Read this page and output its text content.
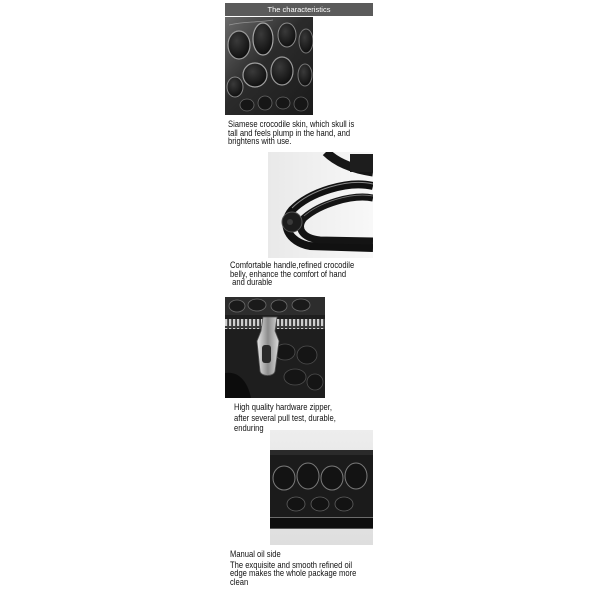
The characteristics
Siamese crocodile skin, which skull is
tall and feels plump in the hand, and
brightens with use.
Comfortable handle,refined crocodile
belly, enhance the comfort of hand
and durable
High quality hardware zipper,
after several pull test, durable,
enduring
Manual oil side
The exquisite and smooth refined oil
edge makes the whole package more
clean
